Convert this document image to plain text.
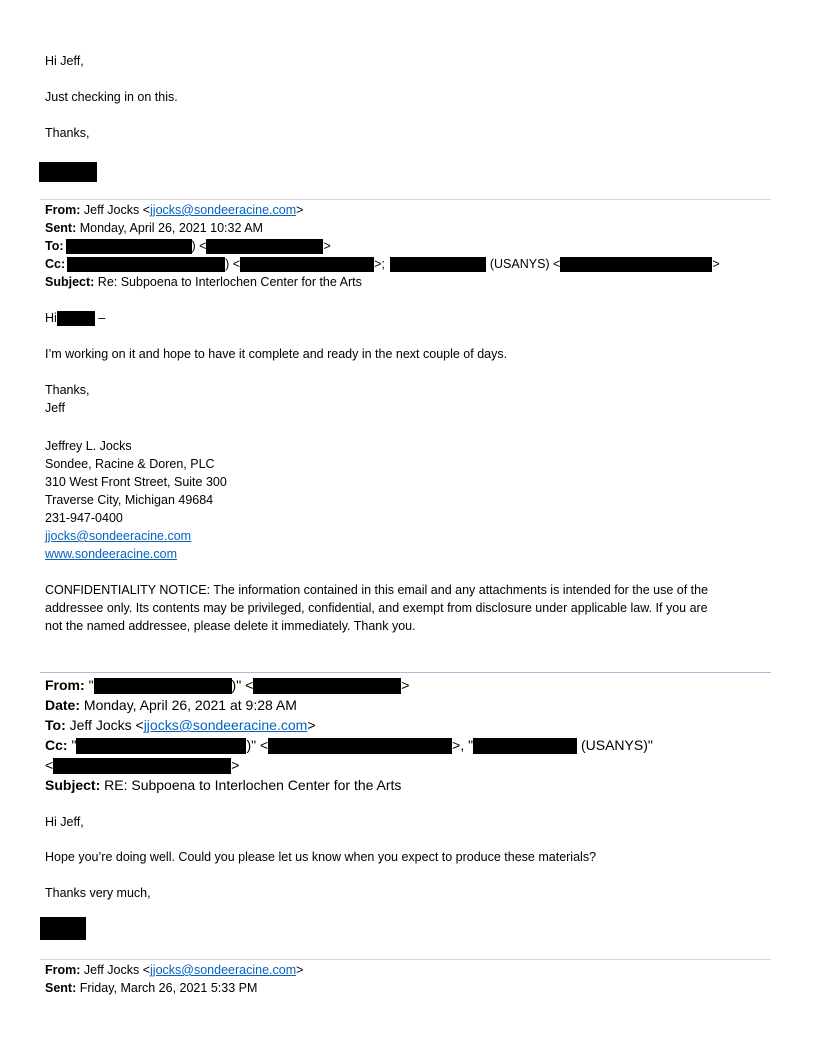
Hi Jeff,
Just checking in on this.
Thanks,
From: Jeff Jocks <jjocks@sondeeracine.com>
Sent: Monday, April 26, 2021 10:32 AM
To:	) <	>
Cc:	) <	>;	(USANYS) <	>
Subject: Re: Subpoena to Interlochen Center for the Arts
Hi	–
I’m working on it and hope to have it complete and ready in the next couple of days.
Thanks,
Jeff
Jeffrey L. Jocks
Sondee, Racine & Doren, PLC
310 West Front Street, Suite 300
Traverse City, Michigan 49684
231-947-0400
jjocks@sondeeracine.com
www.sondeeracine.com
CONFIDENTIALITY NOTICE: The information contained in this email and any attachments is intended for the use of the
addressee only. Its contents may be privileged, confidential, and exempt from disclosure under applicable law. If you are
not the named addressee, please delete it immediately. Thank you.
From: "	)" <	>
Date: Monday, April 26, 2021 at 9:28 AM
To: Jeff Jocks <jjocks@sondeeracine.com>
Cc: "	)" <	>, "	(USANYS)"
<	>
Subject: RE: Subpoena to Interlochen Center for the Arts
Hi Jeff,
Hope you’re doing well. Could you please let us know when you expect to produce these materials?
Thanks very much,
From: Jeff Jocks <jjocks@sondeeracine.com>
Sent: Friday, March 26, 2021 5:33 PM
